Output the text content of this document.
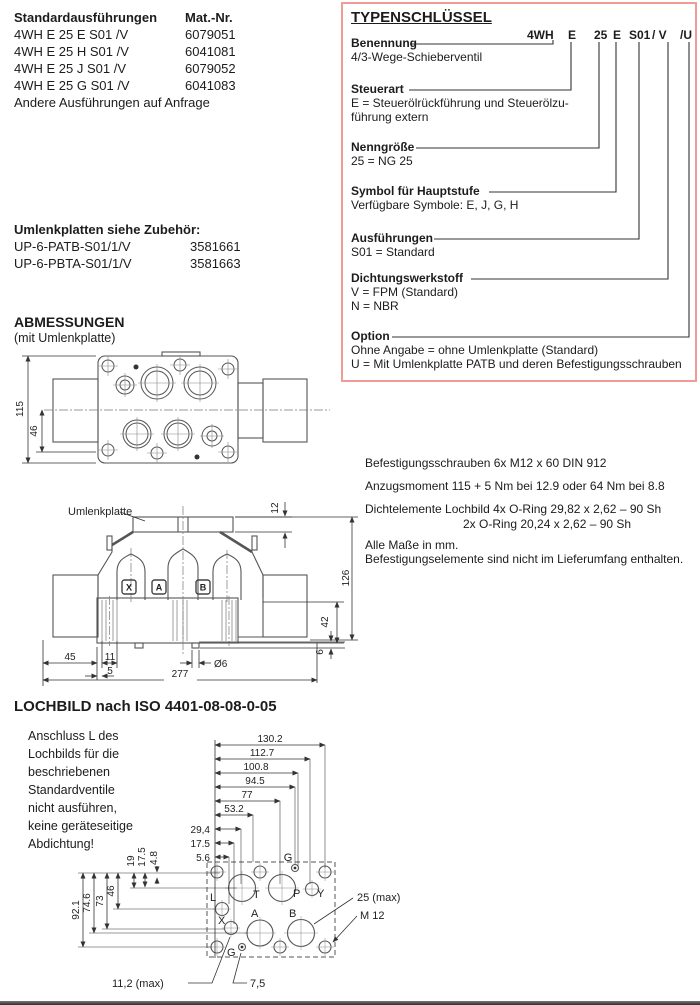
Standardausführungen	Mat.-Nr.
4WH E 25 E S01 /V	6079051
4WH E 25 H S01 /V	6041081
4WH E 25 J S01 /V	6079052
4WH E 25 G S01 /V	6041083
Andere Ausführungen auf Anfrage
Umlenkplatten siehe Zubehör:
UP-6-PATB-S01/1/V	3581661
UP-6-PBTA-S01/1/V	3581663
TYPENSCHLÜSSEL
4WH E 25 E S01 / V /U
Benennung
4/3-Wege-Schieberventil
Steuerart
E = Steuerölrückführung und Steuerölzu-
führung extern
Nenngröße
25 = NG 25
Symbol für Hauptstufe
Verfügbare Symbole: E, J, G, H
Ausführungen
S01 = Standard
Dichtungswerkstoff
V = FPM (Standard)
N = NBR
Option
Ohne Angabe = ohne Umlenkplatte (Standard)
U = Mit Umlenkplatte PATB und deren Befestigungsschrauben
ABMESSUNGEN
(mit Umlenkplatte)
115
46
X	A	B
Umlenkplatte	12
126
42
6
45	11
5
Ø6
277
Befestigungsschrauben 6x M12 x 60 DIN 912
Anzugsmoment 115 + 5 Nm bei 12.9 oder 64 Nm bei 8.8
Dichtelemente Lochbild 4x O-Ring 29,82 x 2,62 – 90 Sh
2x O-Ring 20,24 x 2,62 – 90 Sh
Alle Maße in mm.
Befestigungselemente sind nicht im Lieferumfang enthalten.
LOCHBILD nach ISO 4401-08-08-0-05
Anschluss L des
Lochbilds für die
beschriebenen
Standardventile
nicht ausführen,
keine geräteseitige
Abdichtung!
130.2
112.7
100.8
94.5
77
53.2
29,4
17.5
5.6
92.1 74.6 73
46
19 17.5 4.8	G
T	P Y
L
X
A	B
G
25 (max)
M 12
11,2 (max)	7,5
